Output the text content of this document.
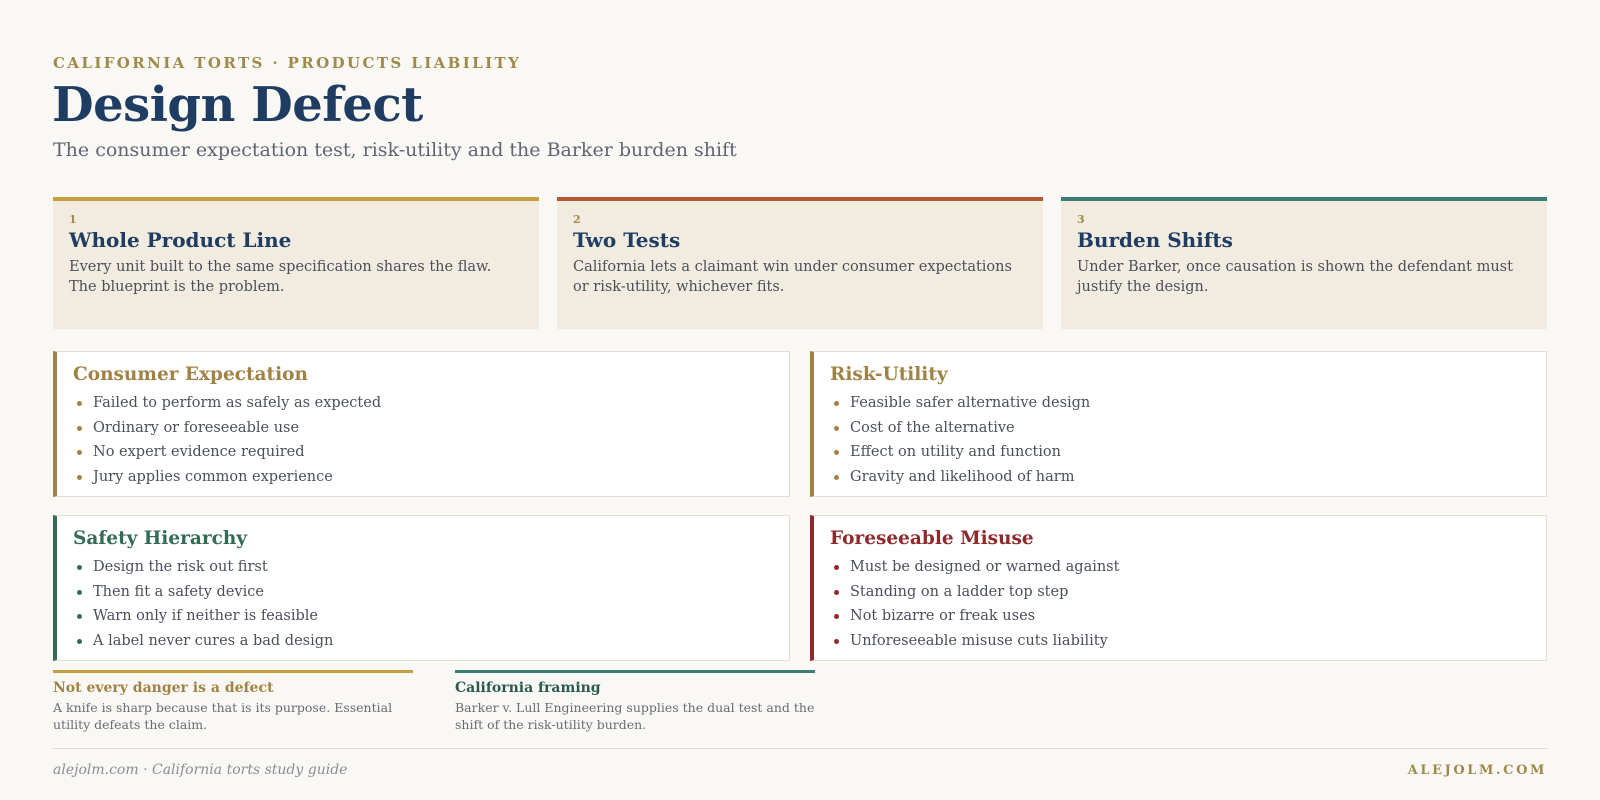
CALIFORNIA TORTS · PRODUCTS LIABILITY
Design Defect
The consumer expectation test, risk-utility and the Barker burden shift
1
Whole Product Line
Every unit built to the same specification shares the flaw. The blueprint is the problem.
2
Two Tests
California lets a claimant win under consumer expectations or risk-utility, whichever fits.
3
Burden Shifts
Under Barker, once causation is shown the defendant must justify the design.
Consumer Expectation
Failed to perform as safely as expected
Ordinary or foreseeable use
No expert evidence required
Jury applies common experience
Risk-Utility
Feasible safer alternative design
Cost of the alternative
Effect on utility and function
Gravity and likelihood of harm
Safety Hierarchy
Design the risk out first
Then fit a safety device
Warn only if neither is feasible
A label never cures a bad design
Foreseeable Misuse
Must be designed or warned against
Standing on a ladder top step
Not bizarre or freak uses
Unforeseeable misuse cuts liability
Not every danger is a defect
A knife is sharp because that is its purpose. Essential utility defeats the claim.
California framing
Barker v. Lull Engineering supplies the dual test and the shift of the risk-utility burden.
alejolm.com · California torts study guide	ALEJOLM.COM
